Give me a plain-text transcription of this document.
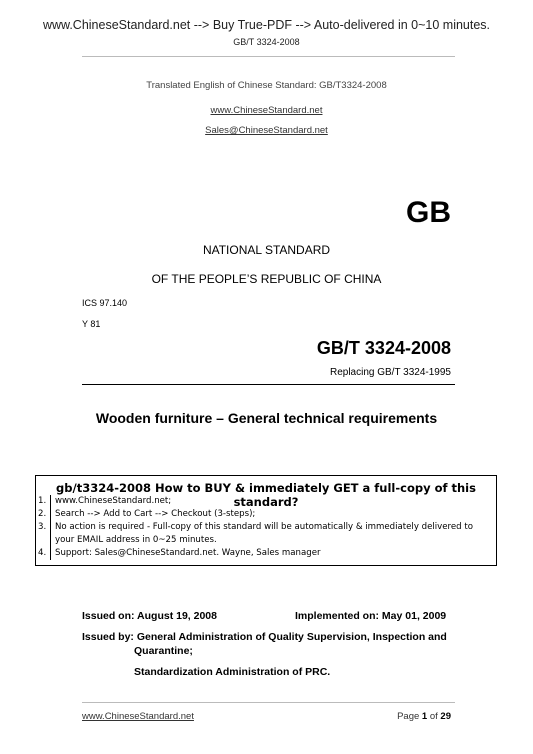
www.ChineseStandard.net --> Buy True-PDF --> Auto-delivered in 0~10 minutes.
GB/T 3324-2008
Translated English of Chinese Standard: GB/T3324-2008
www.ChineseStandard.net
Sales@ChineseStandard.net
GB
NATIONAL STANDARD
OF THE PEOPLE’S REPUBLIC OF CHINA
ICS 97.140
Y 81
GB/T 3324-2008
Replacing GB/T 3324-1995
Wooden furniture – General technical requirements
gb/t3324-2008 How to BUY & immediately GET a full-copy of this standard?
1.	www.ChineseStandard.net;
2.	Search --> Add to Cart --> Checkout (3-steps);
3.	No action is required - Full-copy of this standard will be automatically & immediately delivered to
your EMAIL address in 0~25 minutes.
4.	Support: Sales@ChineseStandard.net. Wayne, Sales manager
Issued on: August 19, 2008	Implemented on: May 01, 2009
Issued by: General Administration of Quality Supervision, Inspection and
Quarantine;
Standardization Administration of PRC.
www.ChineseStandard.net	Page 1 of 29
